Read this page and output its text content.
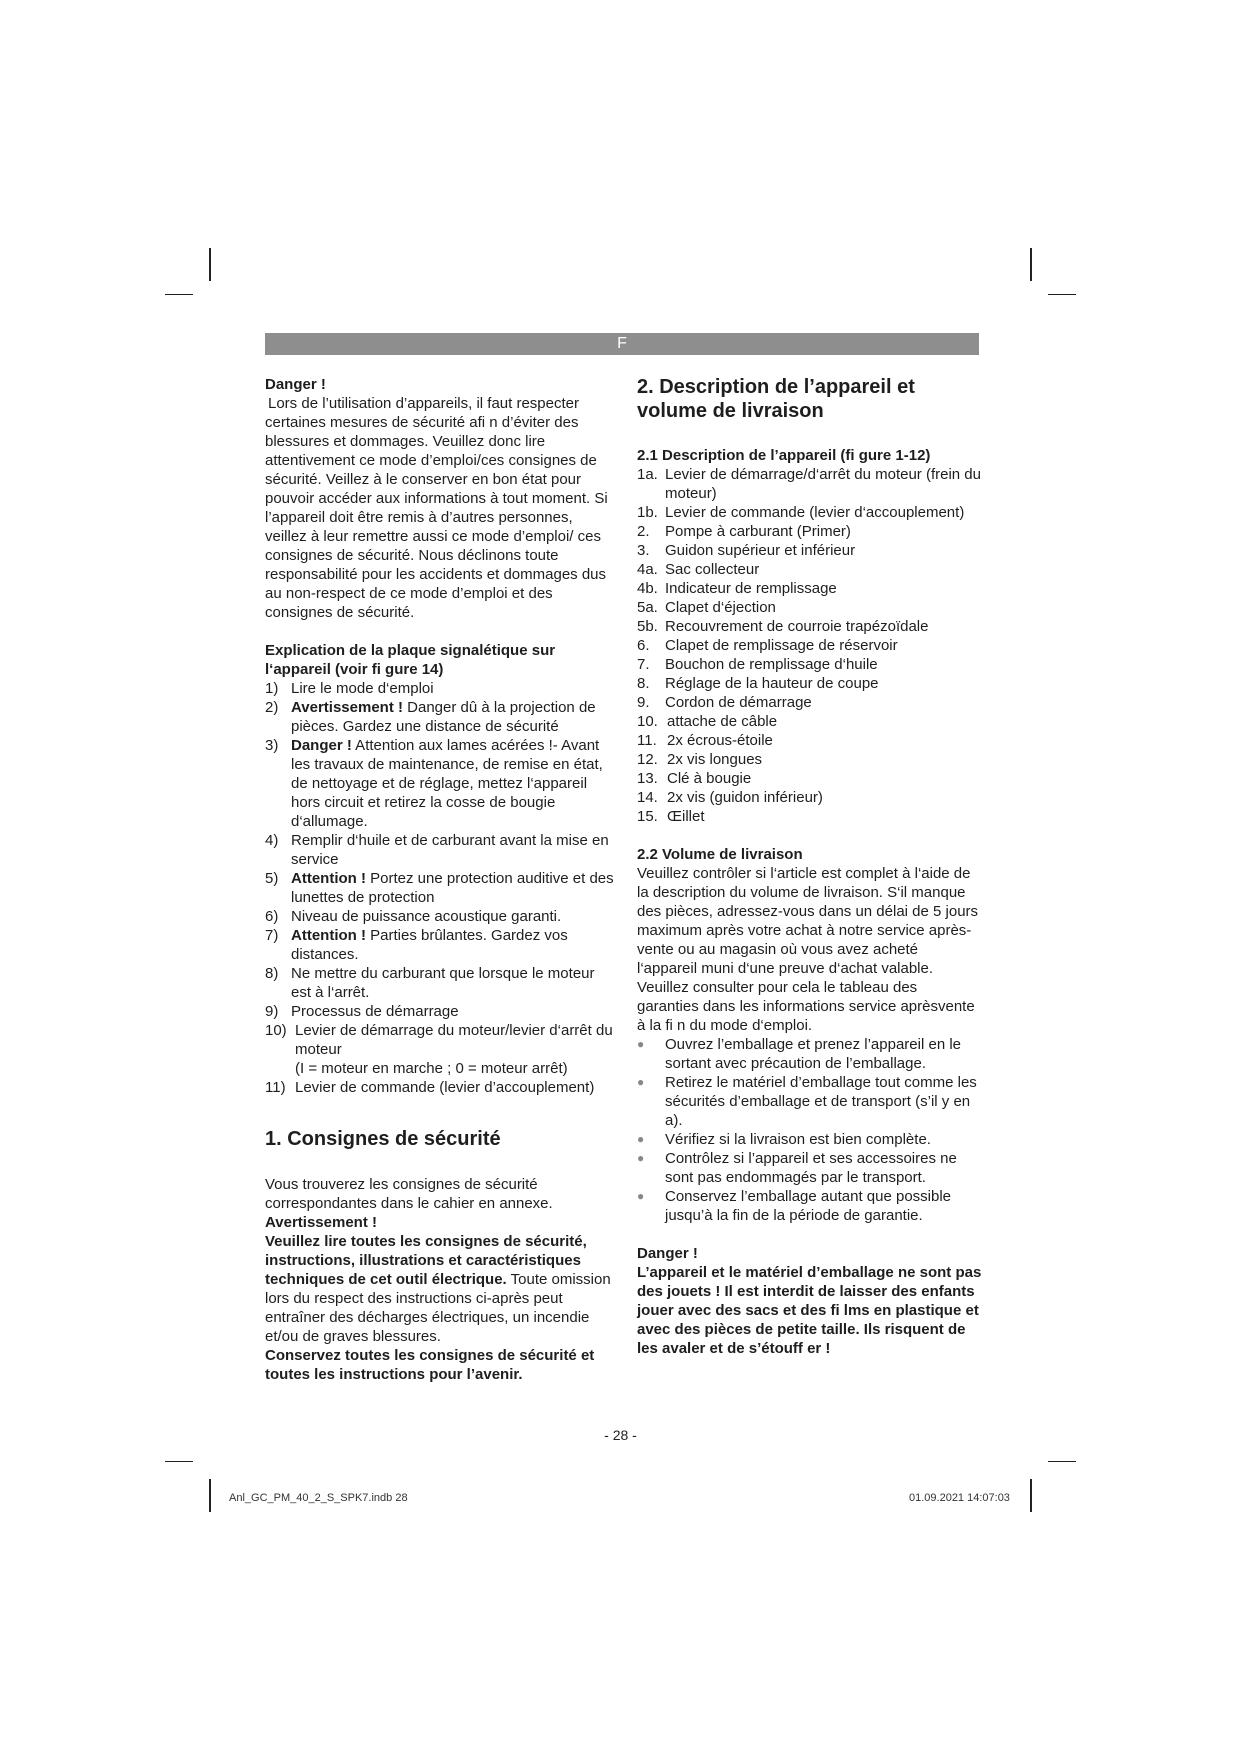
F

Danger !

Lors de l’utilisation d’appareils, il faut respecter certaines mesures de sécurité afi n d’éviter des blessures et dommages. Veuillez donc lire attentivement ce mode d’emploi/ces consignes de sécurité. Veillez à le conserver en bon état pour pouvoir accéder aux informations à tout moment. Si l’appareil doit être remis à d’autres personnes, veillez à leur remettre aussi ce mode d’emploi/ ces consignes de sécurité. Nous déclinons toute responsabilité pour les accidents et dommages dus au non-respect de ce mode d’emploi et des consignes de sécurité.

Explication de la plaque signalétique sur l‘appareil (voir fi gure 14)
1) Lire le mode d‘emploi
2) Avertissement ! Danger dû à la projection de pièces. Gardez une distance de sécurité
3) Danger ! Attention aux lames acérées !- Avant les travaux de maintenance, de remise en état, de nettoyage et de réglage, mettez l‘appareil hors circuit et retirez la cosse de bougie d‘allumage.
4) Remplir d‘huile et de carburant avant la mise en service
5) Attention ! Portez une protection auditive et des lunettes de protection
6) Niveau de puissance acoustique garanti.
7) Attention ! Parties brûlantes. Gardez vos distances.
8) Ne mettre du carburant que lorsque le moteur est à l‘arrêt.
9) Processus de démarrage
10) Levier de démarrage du moteur/levier d‘arrêt du moteur
(I = moteur en marche ; 0 = moteur arrêt)
11) Levier de commande (levier d’accouplement)
1. Consignes de sécurité

Vous trouverez les consignes de sécurité correspondantes dans le cahier en annexe.

Avertissement !

Veuillez lire toutes les consignes de sécurité, instructions, illustrations et caractéristiques techniques de cet outil électrique. Toute omission lors du respect des instructions ci-après peut entraîner des décharges électriques, un incendie et/ou de graves blessures.

Conservez toutes les consignes de sécurité et toutes les instructions pour l’avenir.

2. Description de l’appareil et volume de livraison
2.1 Description de l’appareil (fi gure 1-12)
1a. Levier de démarrage/d‘arrêt du moteur (frein du moteur)
1b. Levier de commande (levier d‘accouplement)
2. Pompe à carburant (Primer)
3. Guidon supérieur et inférieur
4a. Sac collecteur
4b. Indicateur de remplissage
5a. Clapet d‘éjection
5b. Recouvrement de courroie trapézoïdale
6. Clapet de remplissage de réservoir
7. Bouchon de remplissage d‘huile
8. Réglage de la hauteur de coupe
9. Cordon de démarrage
10. attache de câble
11. 2x écrous-étoile
12. 2x vis longues
13. Clé à bougie
14. 2x vis (guidon inférieur)
15. Œillet
2.2 Volume de livraison

Veuillez contrôler si l‘article est complet à l‘aide de la description du volume de livraison. S‘il manque des pièces, adressez-vous dans un délai de 5 jours maximum après votre achat à notre service après-vente ou au magasin où vous avez acheté l‘appareil muni d‘une preuve d‘achat valable. Veuillez consulter pour cela le tableau des garanties dans les informations service aprèsvente à la fi n du mode d‘emploi.

● Ouvrez l’emballage et prenez l’appareil en le sortant avec précaution de l’emballage.
● Retirez le matériel d’emballage tout comme les sécurités d’emballage et de transport (s’il y en a).
● Vérifiez si la livraison est bien complète.
● Contrôlez si l’appareil et ses accessoires ne sont pas endommagés par le transport.
● Conservez l’emballage autant que possible jusqu’à la fin de la période de garantie.

Danger !

L’appareil et le matériel d’emballage ne sont pas des jouets ! Il est interdit de laisser des enfants jouer avec des sacs et des fi lms en plastique et avec des pièces de petite taille. Ils risquent de les avaler et de s’étouff er !

- 28 -
Anl_GC_PM_40_2_S_SPK7.indb 28	01.09.2021 14:07:03
